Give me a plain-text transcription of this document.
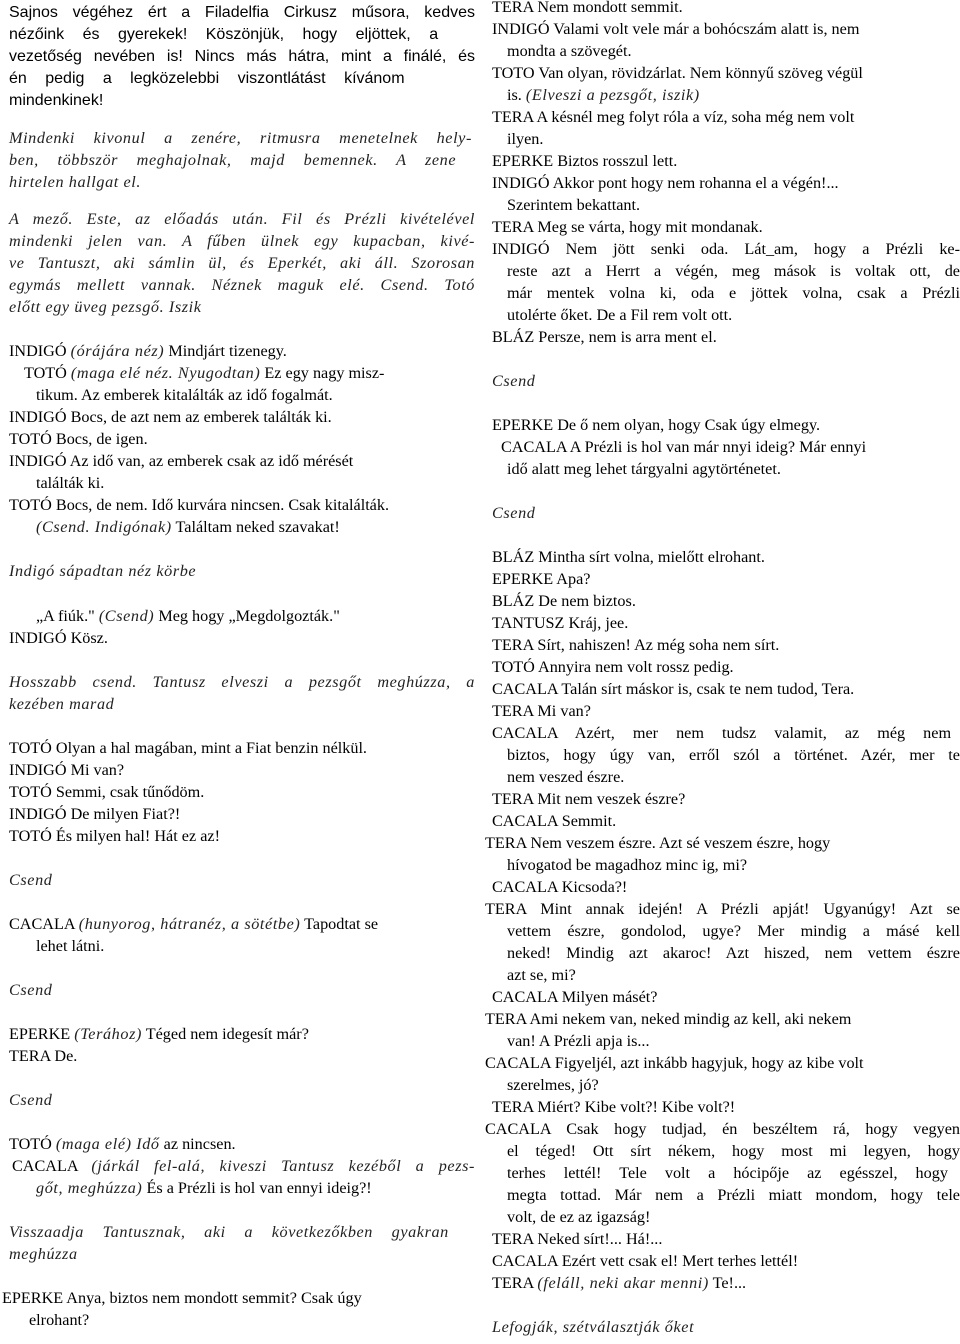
Sajnos végéhez ért a Filadelfia Cirkusz műsora, kedves
nézőink és gyerekek! Köszönjük, hogy eljöttek, a
vezetőség nevében is! Nincs más hátra, mint a finálé, és
én pedig a legközelebbi viszontlátást kívánom
mindenkinek!
Mindenki kivonul a zenére, ritmusra menetelnek hely-
ben, többször meghajolnak, majd bemennek. A zene
hirtelen hallgat el.
A mező. Este, az előadás után. Fil és Prézli kivételével
mindenki jelen van. A fűben ülnek egy kupacban, kivé-
ve Tantuszt, aki sámlin ül, és Eperkét, aki áll. Szorosan
egymás mellett vannak. Néznek maguk elé. Csend. Totó
előtt egy üveg pezsgő. Iszik
INDIGÓ (órájára néz) Mindjárt tizenegy.
TOTÓ (maga elé néz. Nyugodtan) Ez egy nagy misz-
tikum. Az emberek kitalálták az idő fogalmát.
INDIGÓ Bocs, de azt nem az emberek találták ki.
TOTÓ Bocs, de igen.
INDIGÓ Az idő van, az emberek csak az idő mérését
találták ki.
TOTÓ Bocs, de nem. Idő kurvára nincsen. Csak kitalálták.
(Csend. Indigónak) Találtam neked szavakat!
Indigó sápadtan néz körbe
„A fiúk." (Csend) Meg hogy „Megdolgozták."
INDIGÓ Kösz.
Hosszabb csend. Tantusz elveszi a pezsgőt meghúzza, a
kezében marad
TOTÓ Olyan a hal magában, mint a Fiat benzin nélkül.
INDIGÓ Mi van?
TOTÓ Semmi, csak tűnődöm.
INDIGÓ De milyen Fiat?!
TOTÓ És milyen hal! Hát ez az!
Csend
CACALA (hunyorog, hátranéz, a sötétbe) Tapodtat se
lehet látni.
Csend
EPERKE (Terához) Téged nem idegesít már?
TERA De.
Csend
TOTÓ (maga elé) Idő az nincsen.
CACALA (járkál fel-alá, kiveszi Tantusz kezéből a pezs-
gőt, meghúzza) És a Prézli is hol van ennyi ideig?!
Visszaadja Tantusznak, aki a következőkben gyakran
meghúzza
EPERKE Anya, biztos nem mondott semmit? Csak úgy
elrohant?
TERA Nem mondott semmit.
INDIGÓ Valami volt vele már a bohócszám alatt is, nem
mondta a szövegét.
TOTO Van olyan, rövidzárlat. Nem könnyű szöveg végül
is. (Elveszi a pezsgőt, iszik)
TERA A késnél meg folyt róla a víz, soha még nem volt
ilyen.
EPERKE Biztos rosszul lett.
INDIGÓ Akkor pont hogy nem rohanna el a végén!...
Szerintem bekattant.
TERA Meg se várta, hogy mit mondanak.
INDIGÓ Nem jött senki oda. Lát_am, hogy a Prézli ke-
reste azt a Herrt a végén, meg mások is voltak ott, de
már mentek volna ki, oda e jöttek volna, csak a Prézli
utolérte őket. De a Fil rem volt ott.
BLÁZ Persze, nem is arra ment el.
Csend
EPERKE De ő nem olyan, hogy Csak úgy elmegy.
CACALA A Prézli is hol van már nnyi ideig? Már ennyi
idő alatt meg lehet tárgyalni agytörténetet.
Csend
BLÁZ Mintha sírt volna, mielőtt elrohant.
EPERKE Apa?
BLÁZ De nem biztos.
TANTUSZ Kráj, jee.
TERA Sírt, nahiszen! Az még soha nem sírt.
TOTÓ Annyira nem volt rossz pedig.
CACALA Talán sírt máskor is, csak te nem tudod, Tera.
TERA Mi van?
CACALA Azért, mer nem tudsz valamit, az még nem
biztos, hogy úgy van, erről szól a történet. Azér, mer te
nem veszed észre.
TERA Mit nem veszek észre?
CACALA Semmit.
TERA Nem veszem észre. Azt sé veszem észre, hogy
hívogatod be magadhoz minc ig, mi?
CACALA Kicsoda?!
TERA Mint annak idején! A Prézli apját! Ugyanúgy! Azt se
vettem észre, gondolod, ugye? Mer mindig a másé kell
neked! Mindig azt akaroc! Azt hiszed, nem vettem észre
azt se, mi?
CACALA Milyen másét?
TERA Ami nekem van, neked mindig az kell, aki nekem
van! A Prézli apja is...
CACALA Figyeljél, azt inkább hagyjuk, hogy az kibe volt
szerelmes, jó?
TERA Miért? Kibe volt?! Kibe volt?!
CACALA Csak hogy tudjad, én beszéltem rá, hogy vegyen
el téged! Ott sírt nékem, hogy most mi legyen, hogy
terhes lettél! Tele volt a hócipője az egésszel, hogy
megta tottad. Már nem a Prézli miatt mondom, hogy tele
volt, de ez az igazság!
TERA Neked sírt!... Há!...
CACALA Ezért vett csak el! Mert terhes lettél!
TERA (feláll, neki akar menni) Te!...
Lefogják, szétválasztják őket
